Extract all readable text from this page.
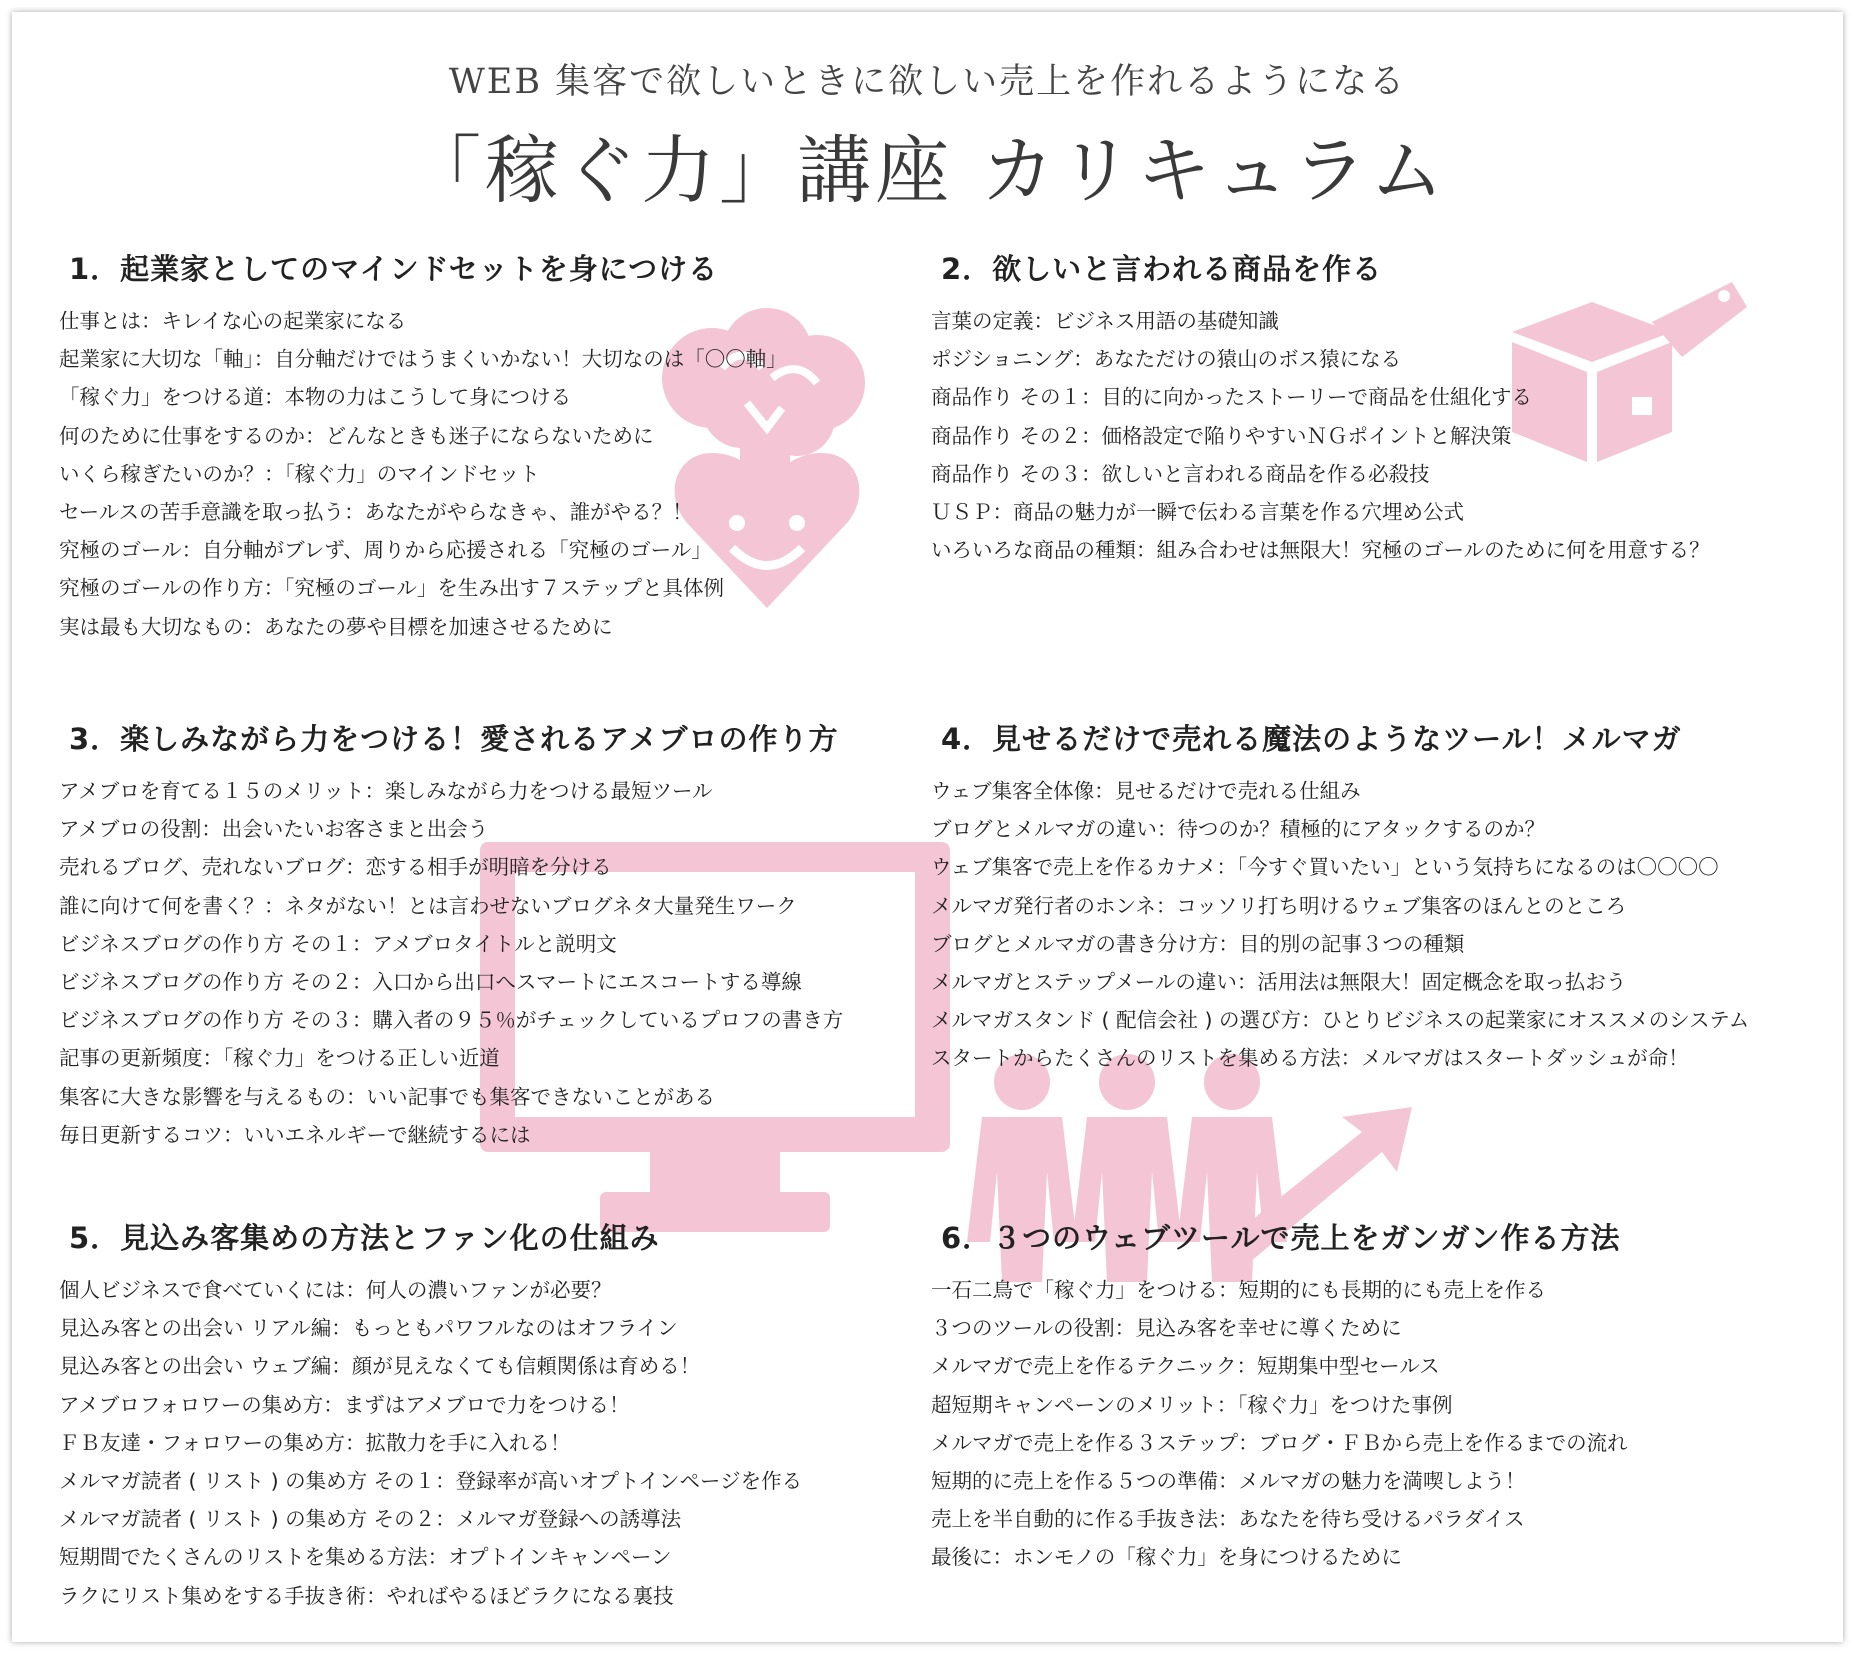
WEB 集客で欲しいときに欲しい売上を作れるようになる
「稼ぐ力」講座 カリキュラム
1．起業家としてのマインドセットを身につける
仕事とは：キレイな心の起業家になる
起業家に大切な「軸」：自分軸だけではうまくいかない！大切なのは「〇〇軸」
「稼ぐ力」をつける道：本物の力はこうして身につける
何のために仕事をするのか：どんなときも迷子にならないために
いくら稼ぎたいのか？：「稼ぐ力」のマインドセット
セールスの苦手意識を取っ払う：あなたがやらなきゃ、誰がやる？！
究極のゴール：自分軸がブレず、周りから応援される「究極のゴール」
究極のゴールの作り方：「究極のゴール」を生み出す７ステップと具体例
実は最も大切なもの：あなたの夢や目標を加速させるために
2．欲しいと言われる商品を作る
言葉の定義：ビジネス用語の基礎知識
ポジショニング：あなただけの猿山のボス猿になる
商品作り その１：目的に向かったストーリーで商品を仕組化する
商品作り その２：価格設定で陥りやすいＮＧポイントと解決策
商品作り その３：欲しいと言われる商品を作る必殺技
ＵＳＰ：商品の魅力が一瞬で伝わる言葉を作る穴埋め公式
いろいろな商品の種類：組み合わせは無限大！究極のゴールのために何を用意する？
3．楽しみながら力をつける！愛されるアメブロの作り方
アメブロを育てる１５のメリット：楽しみながら力をつける最短ツール
アメブロの役割：出会いたいお客さまと出会う
売れるブログ、売れないブログ：恋する相手が明暗を分ける
誰に向けて何を書く？：ネタがない！とは言わせないブログネタ大量発生ワーク
ビジネスブログの作り方 その１：アメブロタイトルと説明文
ビジネスブログの作り方 その２：入口から出口へスマートにエスコートする導線
ビジネスブログの作り方 その３：購入者の９５％がチェックしているプロフの書き方
記事の更新頻度：「稼ぐ力」をつける正しい近道
集客に大きな影響を与えるもの：いい記事でも集客できないことがある
毎日更新するコツ：いいエネルギーで継続するには
4．見せるだけで売れる魔法のようなツール！メルマガ
ウェブ集客全体像：見せるだけで売れる仕組み
ブログとメルマガの違い：待つのか？積極的にアタックするのか？
ウェブ集客で売上を作るカナメ：「今すぐ買いたい」という気持ちになるのは〇〇〇〇
メルマガ発行者のホンネ：コッソリ打ち明けるウェブ集客のほんとのところ
ブログとメルマガの書き分け方：目的別の記事３つの種類
メルマガとステップメールの違い：活用法は無限大！固定概念を取っ払おう
メルマガスタンド ( 配信会社 ) の選び方：ひとりビジネスの起業家にオススメのシステム
スタートからたくさんのリストを集める方法：メルマガはスタートダッシュが命！
5．見込み客集めの方法とファン化の仕組み
個人ビジネスで食べていくには：何人の濃いファンが必要？
見込み客との出会い リアル編：もっともパワフルなのはオフライン
見込み客との出会い ウェブ編：顔が見えなくても信頼関係は育める！
アメブロフォロワーの集め方：まずはアメブロで力をつける！
ＦＢ友達・フォロワーの集め方：拡散力を手に入れる！
メルマガ読者 ( リスト ) の集め方 その１：登録率が高いオプトインページを作る
メルマガ読者 ( リスト ) の集め方 その２：メルマガ登録への誘導法
短期間でたくさんのリストを集める方法：オプトインキャンペーン
ラクにリスト集めをする手抜き術：やればやるほどラクになる裏技
6．３つのウェブツールで売上をガンガン作る方法
一石二鳥で「稼ぐ力」をつける：短期的にも長期的にも売上を作る
３つのツールの役割：見込み客を幸せに導くために
メルマガで売上を作るテクニック：短期集中型セールス
超短期キャンペーンのメリット：「稼ぐ力」をつけた事例
メルマガで売上を作る３ステップ：ブログ・ＦＢから売上を作るまでの流れ
短期的に売上を作る５つの準備：メルマガの魅力を満喫しよう！
売上を半自動的に作る手抜き法：あなたを待ち受けるパラダイス
最後に：ホンモノの「稼ぐ力」を身につけるために
